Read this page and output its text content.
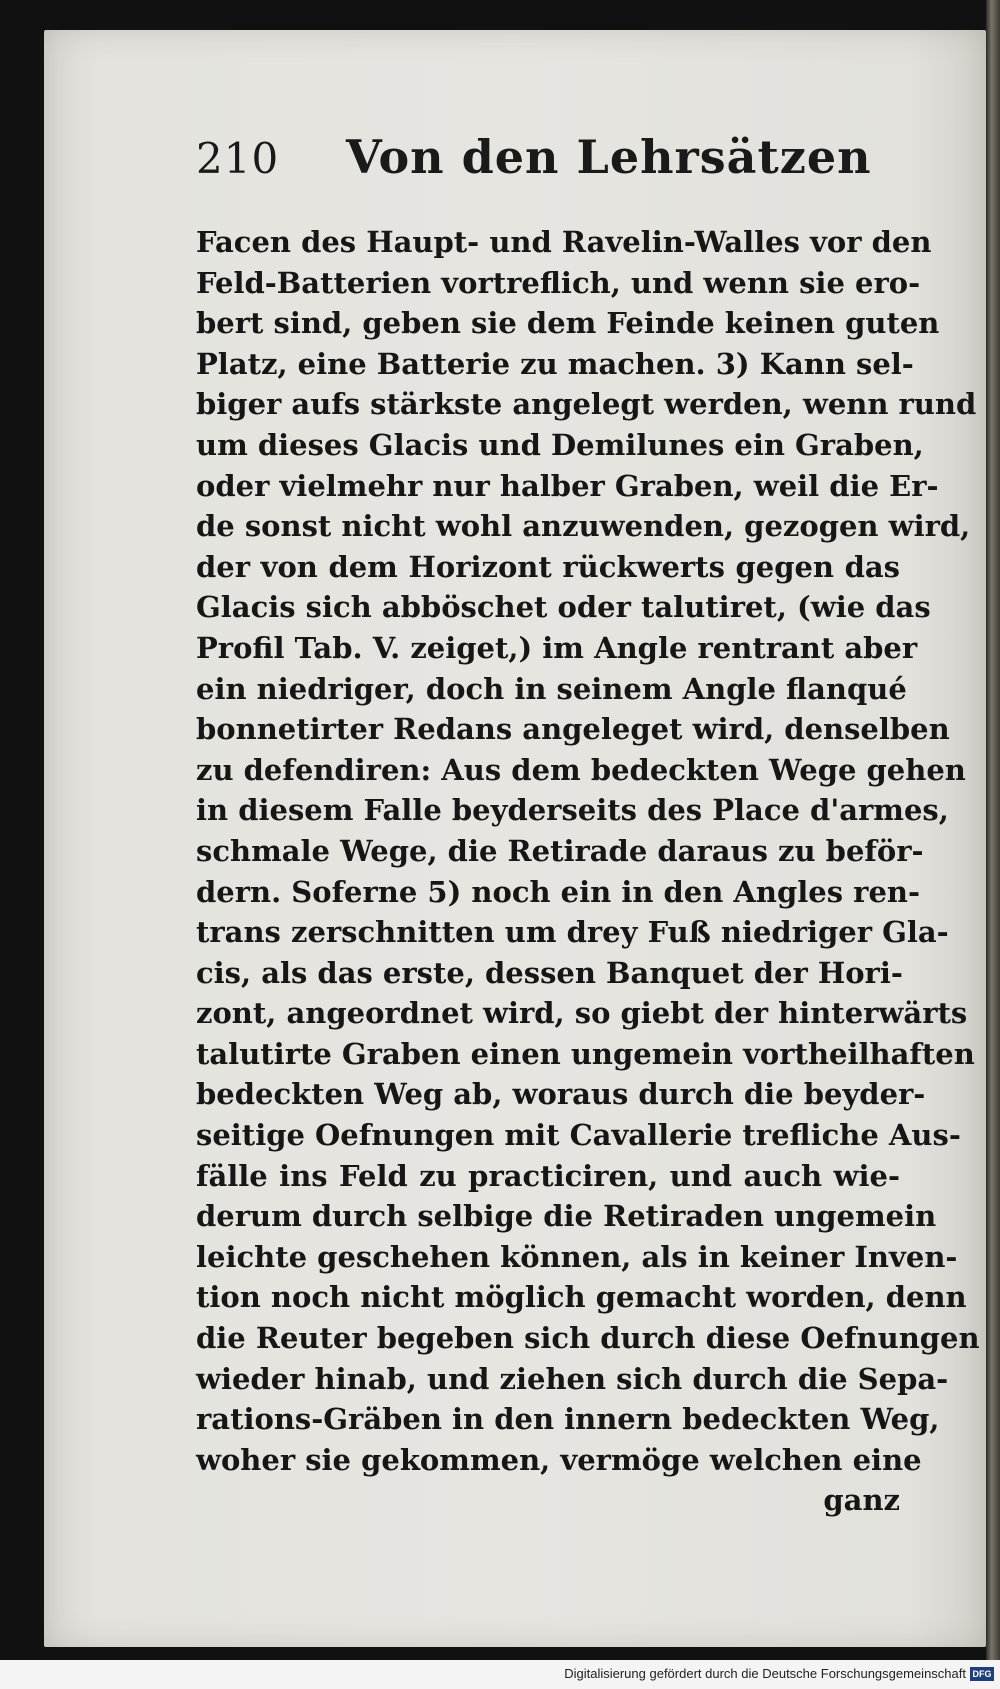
210 Von den Lehrsätzen
Facen des Haupt- und Ravelin-Walles vor den
Feld-Batterien vortreflich, und wenn sie ero-
bert sind, geben sie dem Feinde keinen guten
Platz, eine Batterie zu machen. 3) Kann sel-
biger aufs stärkste angelegt werden, wenn rund
um dieses Glacis und Demilunes ein Graben,
oder vielmehr nur halber Graben, weil die Er-
de sonst nicht wohl anzuwenden, gezogen wird,
der von dem Horizont rückwerts gegen das
Glacis sich abböschet oder talutiret, (wie das
Profil Tab. V. zeiget,) im Angle rentrant aber
ein niedriger, doch in seinem Angle flanqué
bonnetirter Redans angeleget wird, denselben
zu defendiren: Aus dem bedeckten Wege gehen
in diesem Falle beyderseits des Place d'armes,
schmale Wege, die Retirade daraus zu beför-
dern. Soferne 5) noch ein in den Angles ren-
trans zerschnitten um drey Fuß niedriger Gla-
cis, als das erste, dessen Banquet der Hori-
zont, angeordnet wird, so giebt der hinterwärts
talutirte Graben einen ungemein vortheilhaften
bedeckten Weg ab, woraus durch die beyder-
seitige Oefnungen mit Cavallerie trefliche Aus-
fälle ins Feld zu practiciren, und auch wie-
derum durch selbige die Retiraden ungemein
leichte geschehen können, als in keiner Inven-
tion noch nicht möglich gemacht worden, denn
die Reuter begeben sich durch diese Oefnungen
wieder hinab, und ziehen sich durch die Sepa-
rations-Gräben in den innern bedeckten Weg,
woher sie gekommen, vermöge welchen eine
ganz
Digitalisierung gefördert durch die Deutsche Forschungsgemeinschaft DFG
